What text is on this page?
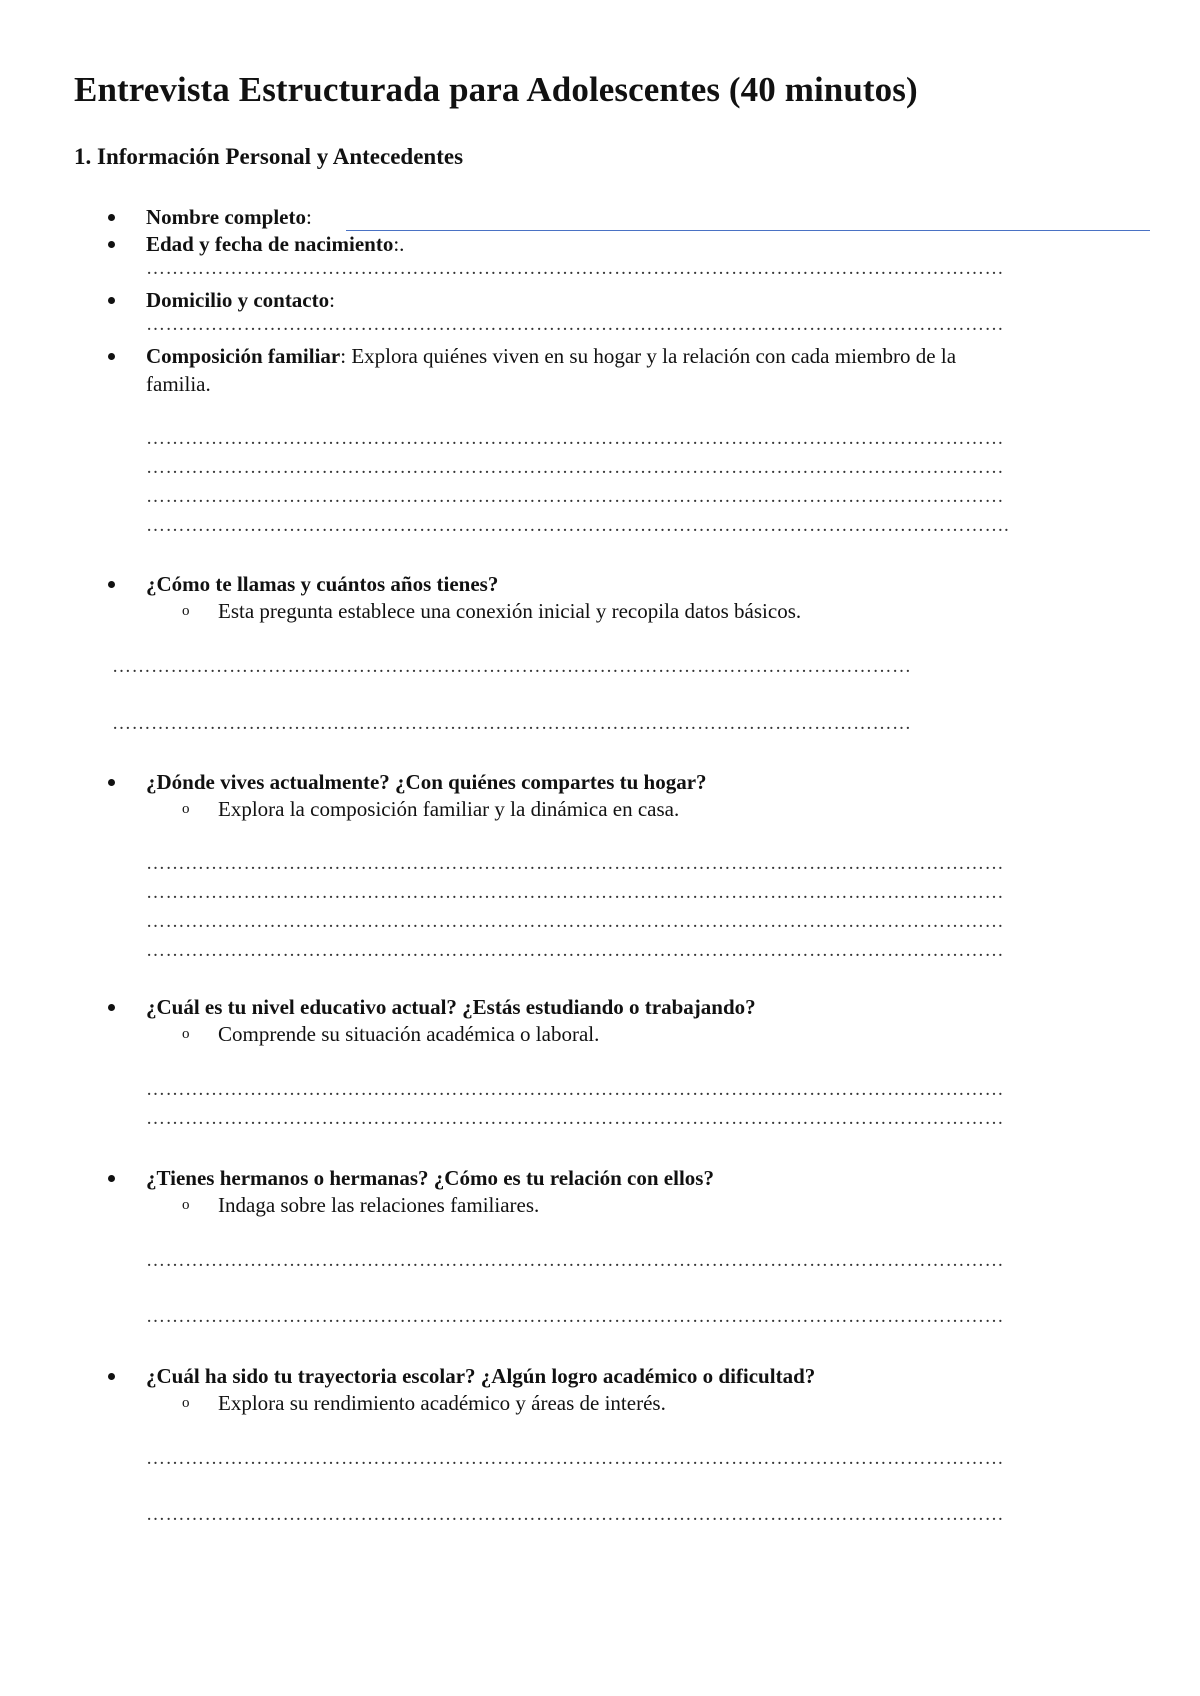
Entrevista Estructurada para Adolescentes (40 minutos)
1. Información Personal y Antecedentes
Nombre completo:
Edad y fecha de nacimiento:.
……………………………………………………………………………………………………………………
Domicilio y contacto:
……………………………………………………………………………………………………………………
Composición familiar: Explora quiénes viven en su hogar y la relación con cada miembro de la
familia.
……………………………………………………………………………………………………………………
……………………………………………………………………………………………………………………
……………………………………………………………………………………………………………………
…………………………………………………………………………………………………………………….
¿Cómo te llamas y cuántos años tienes?
o Esta pregunta establece una conexión inicial y recopila datos básicos.
……………………………………………………………………………………………………………
……………………………………………………………………………………………………………
¿Dónde vives actualmente? ¿Con quiénes compartes tu hogar?
o Explora la composición familiar y la dinámica en casa.
……………………………………………………………………………………………………………………
……………………………………………………………………………………………………………………
……………………………………………………………………………………………………………………
……………………………………………………………………………………………………………………
¿Cuál es tu nivel educativo actual? ¿Estás estudiando o trabajando?
o Comprende su situación académica o laboral.
……………………………………………………………………………………………………………………
……………………………………………………………………………………………………………………
¿Tienes hermanos o hermanas? ¿Cómo es tu relación con ellos?
o Indaga sobre las relaciones familiares.
……………………………………………………………………………………………………………………
……………………………………………………………………………………………………………………
¿Cuál ha sido tu trayectoria escolar? ¿Algún logro académico o dificultad?
o Explora su rendimiento académico y áreas de interés.
……………………………………………………………………………………………………………………
……………………………………………………………………………………………………………………
